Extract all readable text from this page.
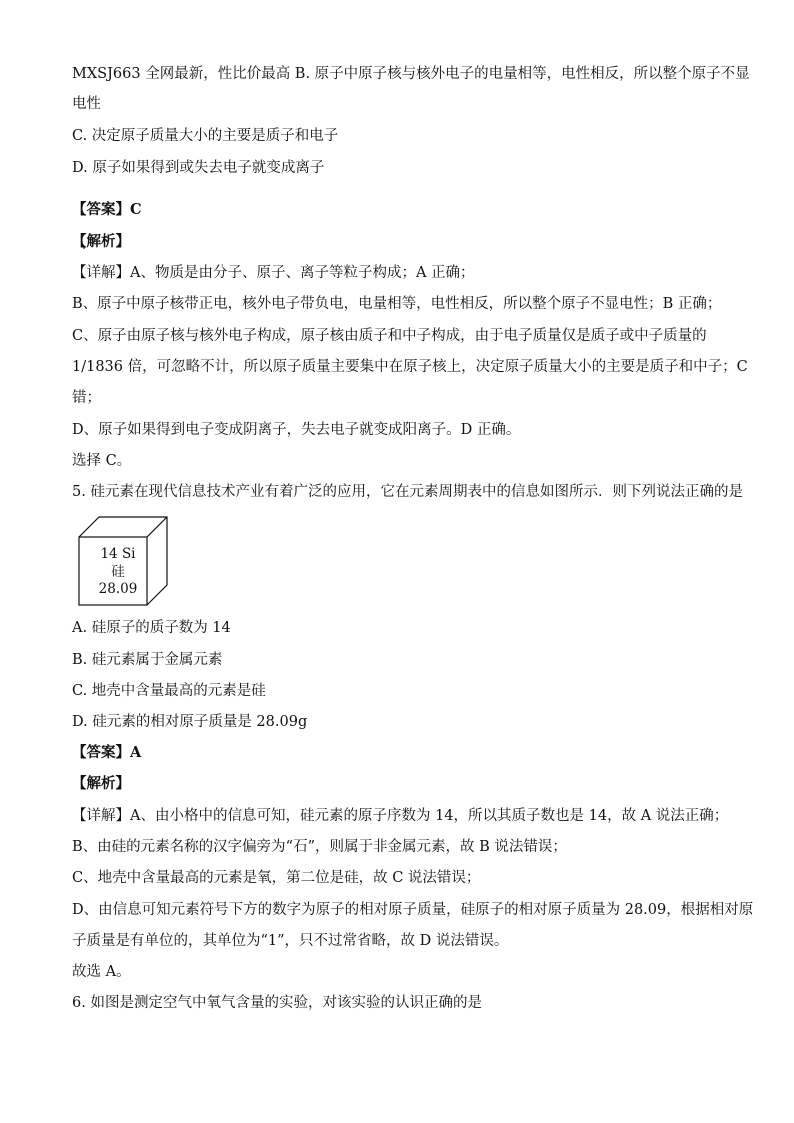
MXSJ663 全网最新，性比价最高 B. 原子中原子核与核外电子的电量相等，电性相反，所以整个原子不显
电性
C. 决定原子质量大小的主要是质子和电子
D. 原子如果得到或失去电子就变成离子
【答案】C
【解析】
【详解】A、物质是由分子、原子、离子等粒子构成；A 正确；
B、原子中原子核带正电，核外电子带负电，电量相等，电性相反，所以整个原子不显电性；B 正确；
C、原子由原子核与核外电子构成，原子核由质子和中子构成，由于电子质量仅是质子或中子质量的
1/1836 倍，可忽略不计，所以原子质量主要集中在原子核上，决定原子质量大小的主要是质子和中子；C
错；
D、原子如果得到电子变成阴离子，失去电子就变成阳离子。D 正确。
选择 C。
5. 硅元素在现代信息技术产业有着广泛的应用，它在元素周期表中的信息如图所示．则下列说法正确的是
14 Si
硅
28.09
A. 硅原子的质子数为 14
B. 硅元素属于金属元素
C. 地壳中含量最高的元素是硅
D. 硅元素的相对原子质量是 28.09g
【答案】A
【解析】
【详解】A、由小格中的信息可知，硅元素的原子序数为 14，所以其质子数也是 14，故 A 说法正确；
B、由硅的元素名称的汉字偏旁为“石”，则属于非金属元素，故 B 说法错误；
C、地壳中含量最高的元素是氧，第二位是硅，故 C 说法错误；
D、由信息可知元素符号下方的数字为原子的相对原子质量，硅原子的相对原子质量为 28.09，根据相对原
子质量是有单位的，其单位为“1”，只不过常省略，故 D 说法错误。
故选 A。
6. 如图是测定空气中氧气含量的实验，对该实验的认识正确的是
